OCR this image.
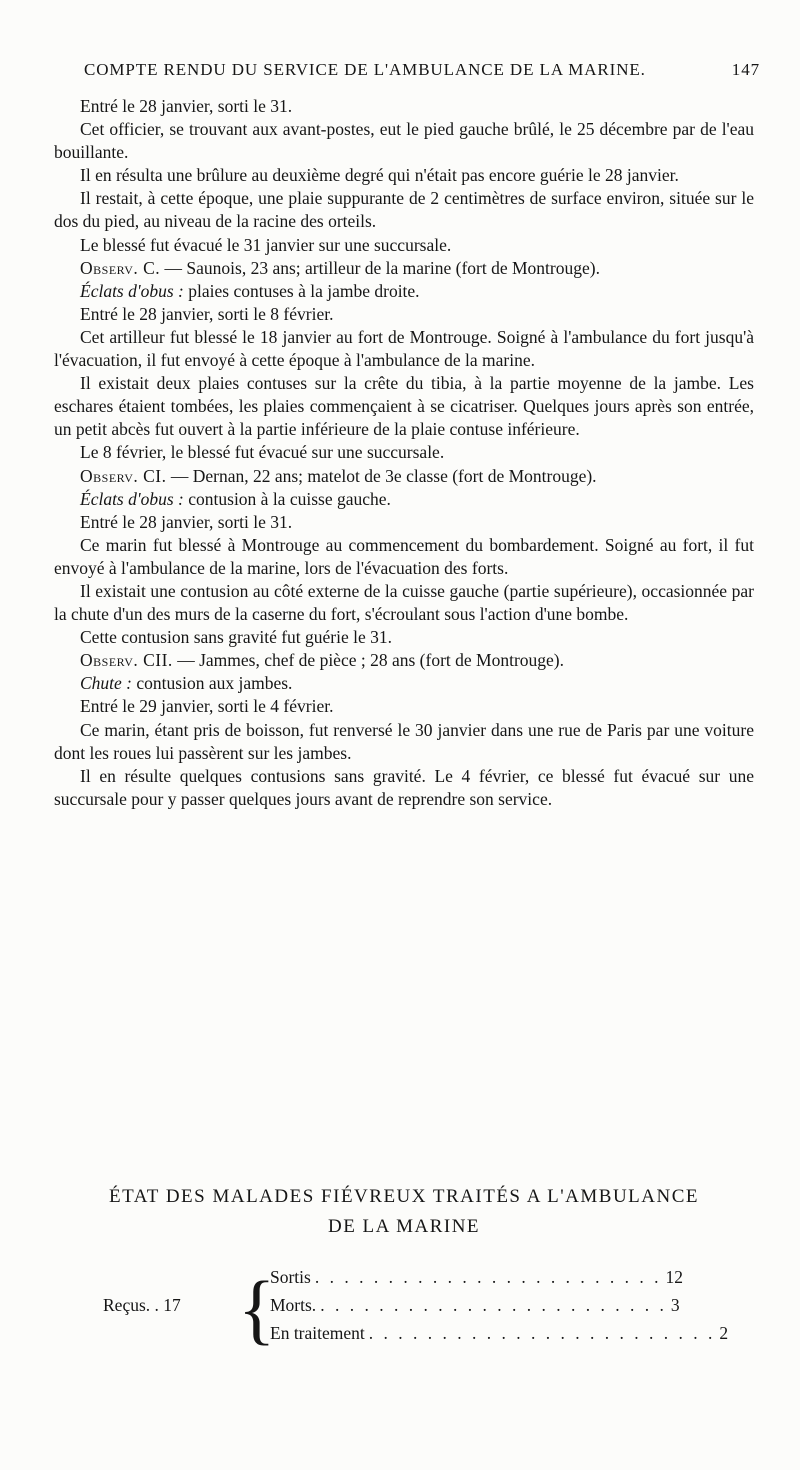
COMPTE RENDU DU SERVICE DE L'AMBULANCE DE LA MARINE.	147

Entré le 28 janvier, sorti le 31.

Cet officier, se trouvant aux avant-postes, eut le pied gauche brûlé, le 25 décembre par de l'eau bouillante.

Il en résulta une brûlure au deuxième degré qui n'était pas encore guérie le 28 janvier.

Il restait, à cette époque, une plaie suppurante de 2 centimètres de surface environ, située sur le dos du pied, au niveau de la racine des orteils.

Le blessé fut évacué le 31 janvier sur une succursale.

Observ. C. — Saunois, 23 ans; artilleur de la marine (fort de Montrouge).

Éclats d'obus : plaies contuses à la jambe droite.

Entré le 28 janvier, sorti le 8 février.

Cet artilleur fut blessé le 18 janvier au fort de Montrouge. Soigné à l'ambulance du fort jusqu'à l'évacuation, il fut envoyé à cette époque à l'ambulance de la marine.

Il existait deux plaies contuses sur la crête du tibia, à la partie moyenne de la jambe. Les eschares étaient tombées, les plaies commençaient à se cicatriser. Quelques jours après son entrée, un petit abcès fut ouvert à la partie inférieure de la plaie contuse inférieure.

Le 8 février, le blessé fut évacué sur une succursale.

Observ. CI. — Dernan, 22 ans; matelot de 3e classe (fort de Montrouge).

Éclats d'obus : contusion à la cuisse gauche.

Entré le 28 janvier, sorti le 31.

Ce marin fut blessé à Montrouge au commencement du bombardement. Soigné au fort, il fut envoyé à l'ambulance de la marine, lors de l'évacuation des forts.

Il existait une contusion au côté externe de la cuisse gauche (partie supérieure), occasionnée par la chute d'un des murs de la caserne du fort, s'écroulant sous l'action d'une bombe.

Cette contusion sans gravité fut guérie le 31.

Observ. CII. — Jammes, chef de pièce ; 28 ans (fort de Montrouge).

Chute : contusion aux jambes.

Entré le 29 janvier, sorti le 4 février.

Ce marin, étant pris de boisson, fut renversé le 30 janvier dans une rue de Paris par une voiture dont les roues lui passèrent sur les jambes.

Il en résulte quelques contusions sans gravité. Le 4 février, ce blessé fut évacué sur une succursale pour y passer quelques jours avant de reprendre son service.

ÉTAT DES MALADES FIÉVREUX TRAITÉS A L'AMBULANCE
DE LA MARINE
Reçus. . 17 {
Sortis . . . . . . . . . . . . . . . . . . . . . . . . 12
Morts. . . . . . . . . . . . . . . . . . . . . . . . . 3
En traitement . . . . . . . . . . . . . . . . . . . . . . . . 2
